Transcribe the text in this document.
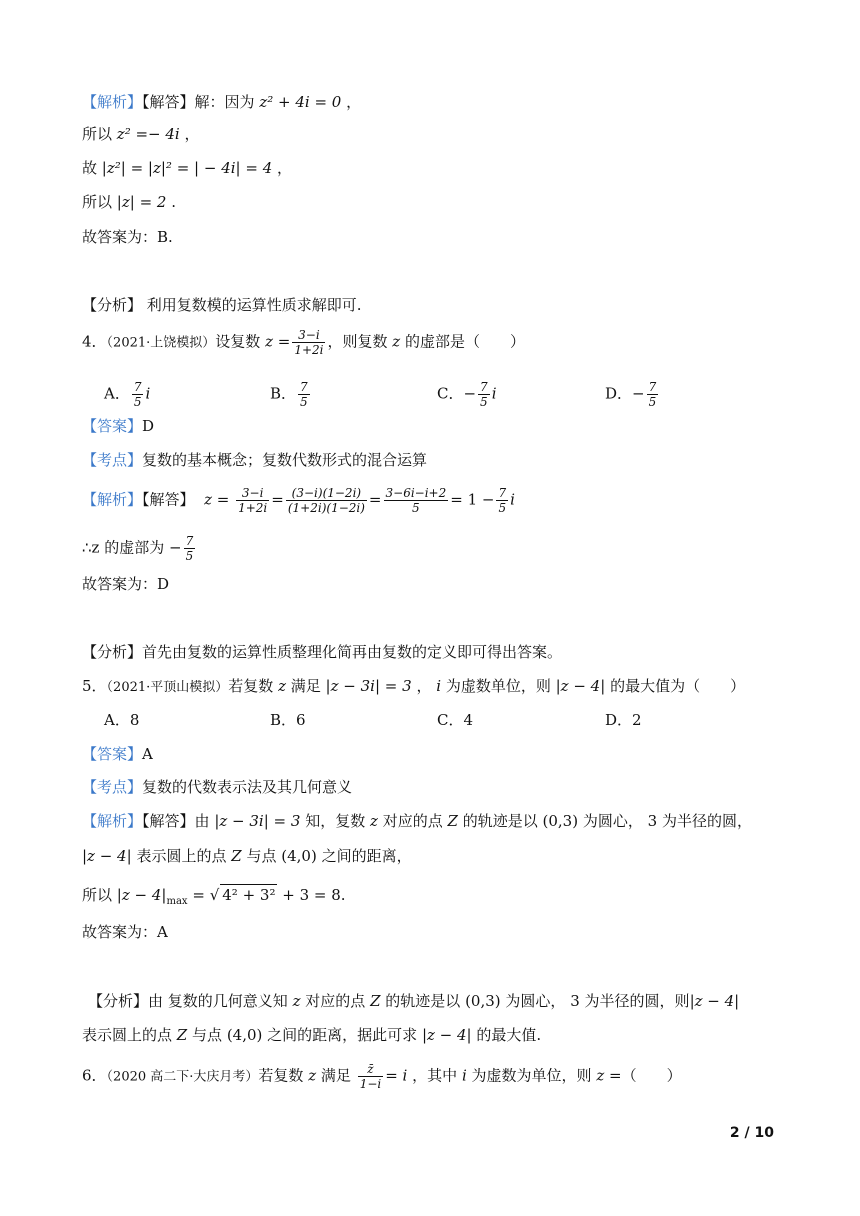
【解析】【解答】解：因为 z² + 4i = 0 ，
所以 z² =− 4i ，
故 |z²| = |z|² = | − 4i| = 4 ，
所以 |z| = 2 .
故答案为：B.
【分析】 利用复数模的运算性质求解即可.
4．（2021·上饶模拟）设复数 $z = \frac{3-i}{1+2i}$ ，则复数 z 的虚部是（　　）
A． $\frac{7}{5}$ i	B． $\frac{7}{5}$	C．− $\frac{7}{5}$ i	D．− $\frac{7}{5}$
【答案】D
【考点】复数的基本概念；复数代数形式的混合运算
【解析】【解答】 $z = \frac{3-i}{1+2i} = \frac{(3-i)(1-2i)}{(1+2i)(1-2i)} = \frac{3-6i-i+2}{5} = 1 - \frac{7}{5}$ i
∴z 的虚部为 − $\frac{7}{5}$
故答案为：D
【分析】首先由复数的运算性质整理化简再由复数的定义即可得出答案。
5．（2021·平顶山模拟）若复数 z 满足 |z − 3i| = 3 ， i 为虚数单位，则 |z − 4| 的最大值为（　　）
A．8	B．6	C．4	D．2
【答案】A
【考点】复数的代数表示法及其几何意义
【解析】【解答】由 |z − 3i| = 3 知，复数 z 对应的点 Z 的轨迹是以 (0,3) 为圆心， 3 为半径的圆，
|z − 4| 表示圆上的点 Z 与点 (4,0) 之间的距离，
所以 $|z - 4|_{max}$ = √ 4² + 3² + 3 = 8.
故答案为：A
【分析】由 复数的几何意义知 z 对应的点 Z 的轨迹是以 (0,3) 为圆心， 3 为半径的圆，则|z − 4|
表示圆上的点 Z 与点 (4,0) 之间的距离，据此可求 |z − 4| 的最大值.
6．（2020 高二下·大庆月考）若复数 z 满足 $\frac{z̄}{1-i} = i$ ，其中 i 为虚数为单位，则 z =（　　）
2 / 10
